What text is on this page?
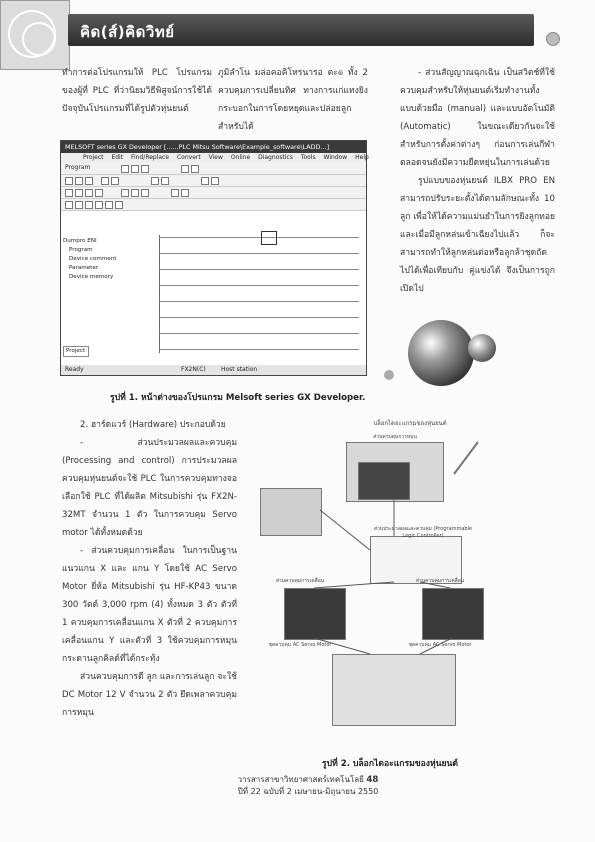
คิด(ส์)คิดวิทย์

ทำการต่อโปรแกรมให้ PLC โปรแกรมของผู้ที่ PLC ที่ว่านิยมวิธีพิสูจน์การใช้ได้ปัจจุบันโปรแกรมที่ได้รูปตัวหุ่นยนต์

ภูมิลำโน มล่อคอคิโหรนารอ ตะ๏ ทั้ง 2 ควบคุมการเปลี่ยนทิศ ทางการแก่แทงยิงกระบอกในการโดยหยุดและปล่อยลูกสำหรับได้

- ส่วนสัญญาณฉุกเฉิน เป็นสวิตช์ที่ใช้ควบคุมสำหรับให้หุ่นยนต์เริ่มทำงานทั้งแบบด้วยมือ (manual) และแบบอัตโนมัติ (Automatic) ในขณะเดียวกันจะใช้สำหรับการตั้งค่าต่างๆ ก่อนการเล่นกีฬา ตลอดจนยังมีความยืดหยุ่นในการเล่นด้วย

รูปแบบของหุ่นยนต์ ILBX PRO EN สามารถปรับระยะตั้งได้ตามลักษณะทั้ง 10 ลูก เพื่อให้ได้ความแม่นยำในการยิงลูกทอย และเมื่อมีลูกหล่นเข้าเฉียงไปแล้ว ก็จะสามารถทำให้ลูกหล่นต่อหรือลูกล้าชุดถัดไปได้เพื่อเทียบกับ คู่แข่งได้ จึงเป็นการถูกเปิดไป

MELSOFT series GX Developer [......PLC Mitsu Software\Example_software\LADD...]
Project Edit Find/Replace Convert View Online Diagnostics Tools Window Help
Program
Dumpro ENI
Program
Device comment
Parameter
Device memory
Project
Ready	FX2N(C)	Host station
รูปที่ 1. หน้าต่างของโปรแกรม Melsoft series GX Developer.

2. ฮาร์ดแวร์ (Hardware) ประกอบด้วย

- ส่วนประมวลผลและควบคุม (Processing and control) การประมวลผลควบคุมหุ่นยนต์จะใช้ PLC ในการควบคุมทางจอ เลือกใช้ PLC ที่ได้ผลิต Mitsubishi รุ่น FX2N-32MT จำนวน 1 ตัว ในการควบคุม Servo motor ได้ทั้งหมดด้วย

- ส่วนควบคุมการเคลื่อน ในการเป็นฐานแนวแกน X และ แกน Y โดยใช้ AC Servo Motor ยี่ห้อ Mitsubishi รุ่น HF-KP43 ขนาด 300 วัตต์ 3,000 rpm (4) ทั้งหมด 3 ตัว ตัวที่ 1 ควบคุมการเคลื่อนแกน X ตัวที่ 2 ควบคุมการเคลื่อนแกน Y และตัวที่ 3 ใช้ควบคุมการหมุนกระดานลูกคิลด์ที่ได้กระทุ้ง

ส่วนควบคุมการดี ลูก และการเล่นลูก จะใช้ DC Motor 12 V จำนวน 2 ตัว ยึดเพลาควบคุมการหมุน

บล็อกไดอะแกรมของหุ่นยนต์
ส่วนควบคุมการหมุน
ส่วนประมวลผลและควบคุม (Programmable Logic Controller)
ส่วนควบคุมการเคลื่อน	ส่วนควบคุมการเคลื่อน
ชุดควบคุม AC Servo Motor	ชุดควบคุม AC Servo Motor
รูปที่ 2. บล็อกไดอะแกรมของหุ่นยนต์
วารสารสาขาวิทยาศาสตร์เทคโนโลยี 48
ปีที่ 22 ฉบับที่ 2 เมษายน-มิถุนายน 2550
